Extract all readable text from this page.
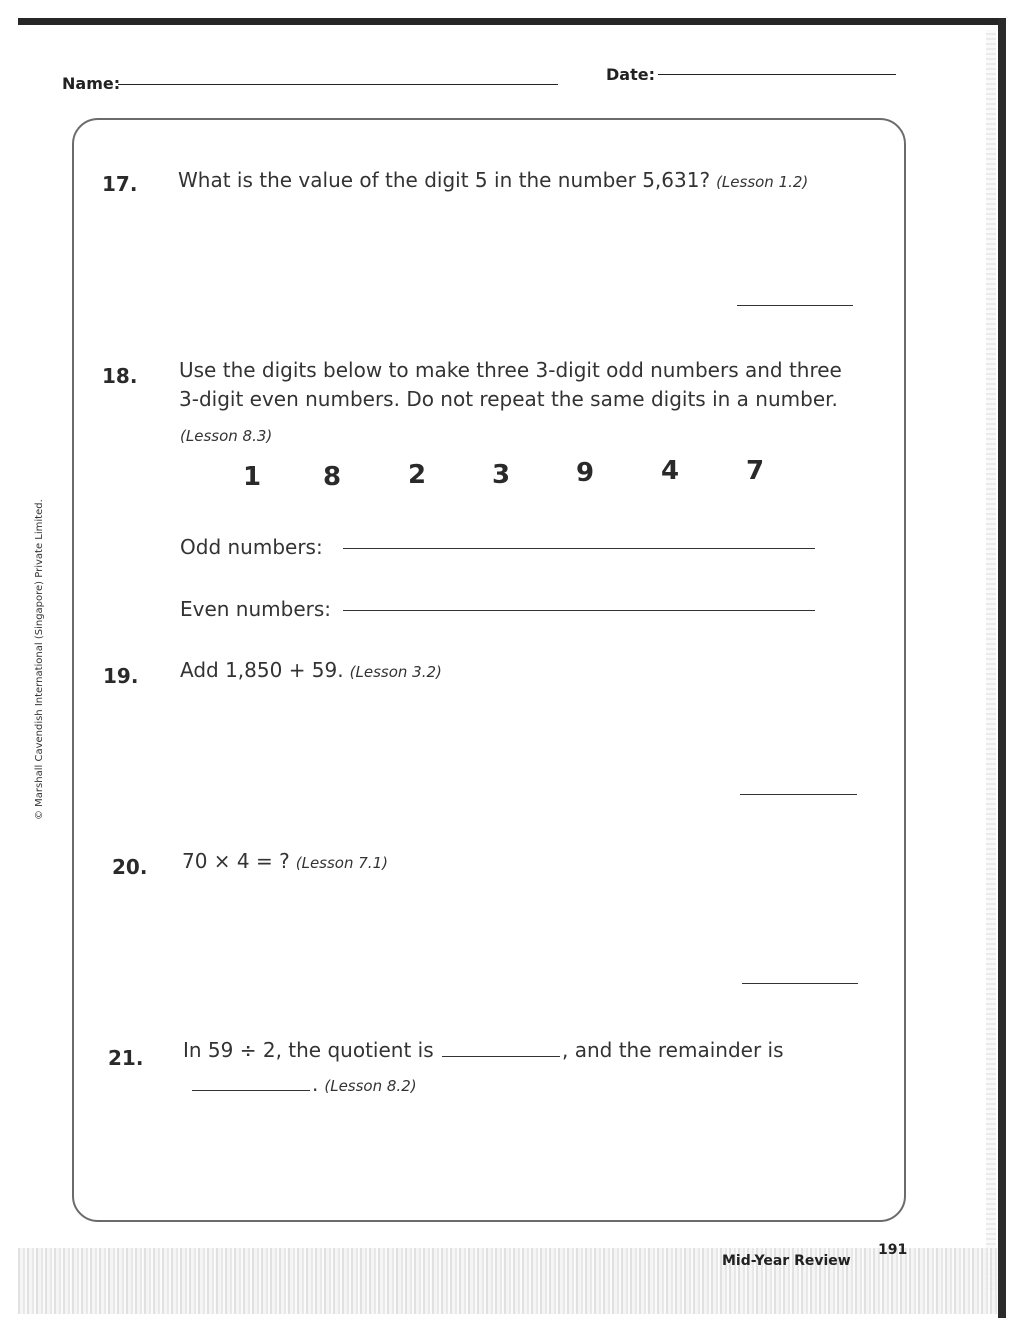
Name:	Date:
© Marshall Cavendish International (Singapore) Private Limited.
17. What is the value of the digit 5 in the number 5,631? (Lesson 1.2)
18. Use the digits below to make three 3-digit odd numbers and three
3-digit even numbers. Do not repeat the same digits in a number.
(Lesson 8.3)
1 8	2	3	9	4	7
Odd numbers:
Even numbers:
19. Add 1,850 + 59. (Lesson 3.2)
20. 70 × 4 = ? (Lesson 7.1)
21. In 59 ÷ 2, the quotient is	, and the remainder is
. (Lesson 8.2)
Mid-Year Review
191
